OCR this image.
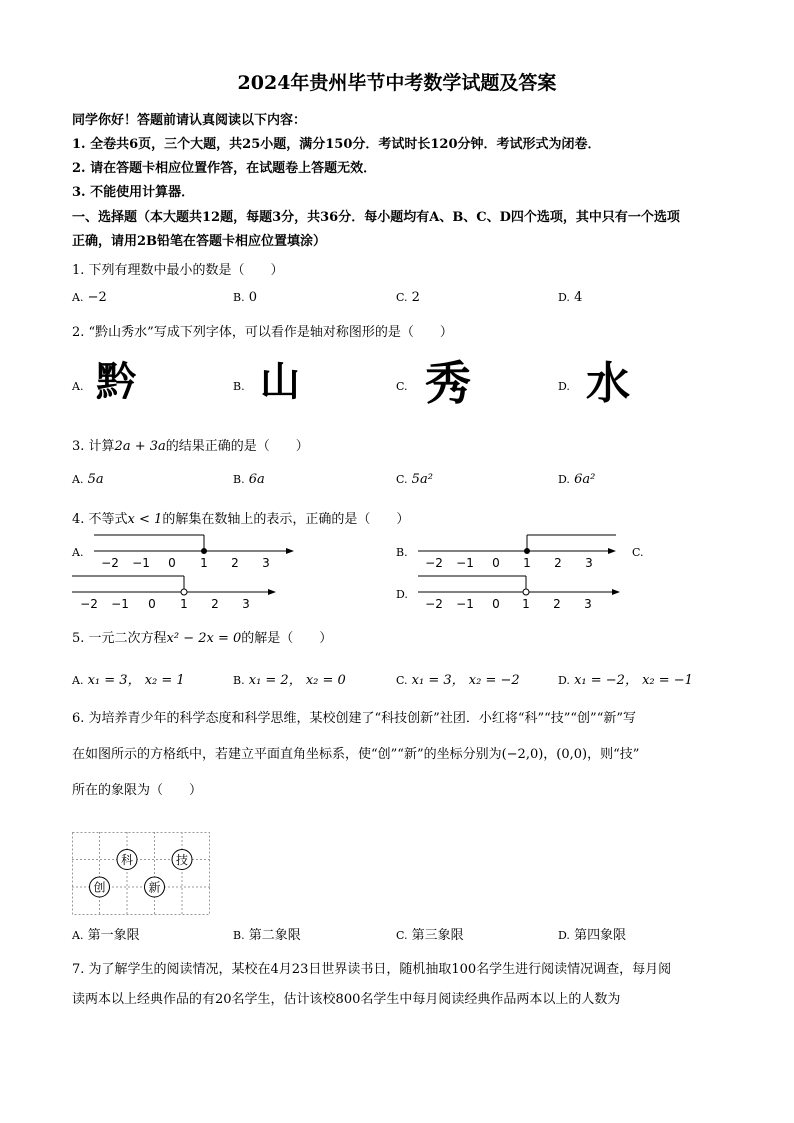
2024年贵州毕节中考数学试题及答案
同学你好！答题前请认真阅读以下内容：
1. 全卷共6页，三个大题，共25小题，满分150分．考试时长120分钟．考试形式为闭卷．
2. 请在答题卡相应位置作答，在试题卷上答题无效．
3. 不能使用计算器．
一、选择题（本大题共12题，每题3分，共36分．每小题均有A、B、C、D四个选项，其中只有一个选项
正确，请用2B铅笔在答题卡相应位置填涂）
1. 下列有理数中最小的数是（　　）
A. −2	B. 0	C. 2	D. 4
2. “黔山秀水”写成下列字体，可以看作是轴对称图形的是（　　）
A. 黔	B. 山	C. 秀	D. 水
3. 计算2a + 3a的结果正确的是（　　）
A. 5a	B. 6a	C. 5a²	D. 6a²
4. 不等式x < 1的解集在数轴上的表示，正确的是（　　）
A.	B.	C.
D.
−2 −1 0 1 2 3	−2 −1 0 1 2 3
−2 −1 0 1 2 3	−2 −1 0 1 2 3
5. 一元二次方程x² − 2x = 0的解是（　　）
A. x₁ = 3， x₂ = 1	B. x₁ = 2， x₂ = 0	C. x₁ = 3， x₂ = −2	D. x₁ = −2， x₂ = −1
6. 为培养青少年的科学态度和科学思维，某校创建了“科技创新”社团．小红将“科”“技”“创”“新”写
在如图所示的方格纸中，若建立平面直角坐标系，使“创”“新”的坐标分别为(−2,0)，(0,0)，则“技”
所在的象限为（　　）
科	技
创	新
A. 第一象限	B. 第二象限	C. 第三象限	D. 第四象限
7. 为了解学生的阅读情况，某校在4月23日世界读书日，随机抽取100名学生进行阅读情况调查，每月阅
读两本以上经典作品的有20名学生，估计该校800名学生中每月阅读经典作品两本以上的人数为
